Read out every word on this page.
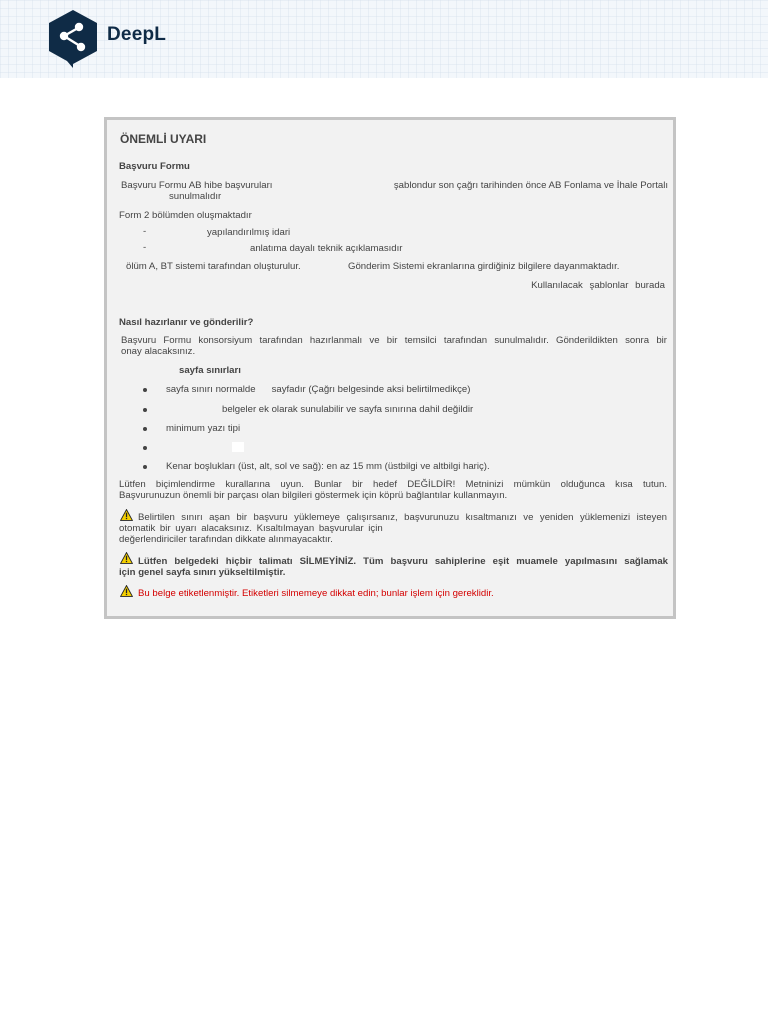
DeepL
ÖNEMLİ UYARI
Başvuru Formu
Başvuru Formu AB hibe başvuruları	şablondur son çağrı tarihinden önce AB Fonlama ve İhale Portalı
sunulmalıdır
Form 2 bölümden oluşmaktadır
-	yapılandırılmış idari
-	anlatıma dayalı teknik açıklamasıdır
ölüm A, BT sistemi tarafından oluşturulur.	Gönderim Sistemi ekranlarına girdiğiniz bilgilere dayanmaktadır.
Kullanılacak şablonlar burada
Nasıl hazırlanır ve gönderilir?
Başvuru Formu konsorsiyum tarafından hazırlanmalı ve bir temsilci tarafından sunulmalıdır. Gönderildikten sonra bir
onay alacaksınız.
sayfa sınırları
sayfa sınırı normalde      sayfadır (Çağrı belgesinde aksi belirtilmedikçe)
belgeler ek olarak sunulabilir ve sayfa sınırına dahil değildir
minimum yazı tipi
Kenar boşlukları (üst, alt, sol ve sağ): en az 15 mm (üstbilgi ve altbilgi hariç).
Lütfen biçimlendirme kurallarına uyun. Bunlar bir hedef DEĞİLDİR! Metninizi mümkün olduğunca kısa tutun.
Başvurunuzun önemli bir parçası olan bilgileri göstermek için köprü bağlantılar kullanmayın.
Belirtilen sınırı aşan bir başvuru yüklemeye çalışırsanız, başvurunuzu kısaltmanızı ve yeniden yüklemenizi isteyen
otomatik bir uyarı alacaksınız. Kısaltılmayan başvurular için
değerlendiriciler tarafından dikkate alınmayacaktır.
Lütfen belgedeki hiçbir talimatı SİLMEYİNİZ. Tüm başvuru sahiplerine eşit muamele yapılmasını sağlamak
için genel sayfa sınırı yükseltilmiştir.
Bu belge etiketlenmiştir. Etiketleri silmemeye dikkat edin; bunlar işlem için gereklidir.
